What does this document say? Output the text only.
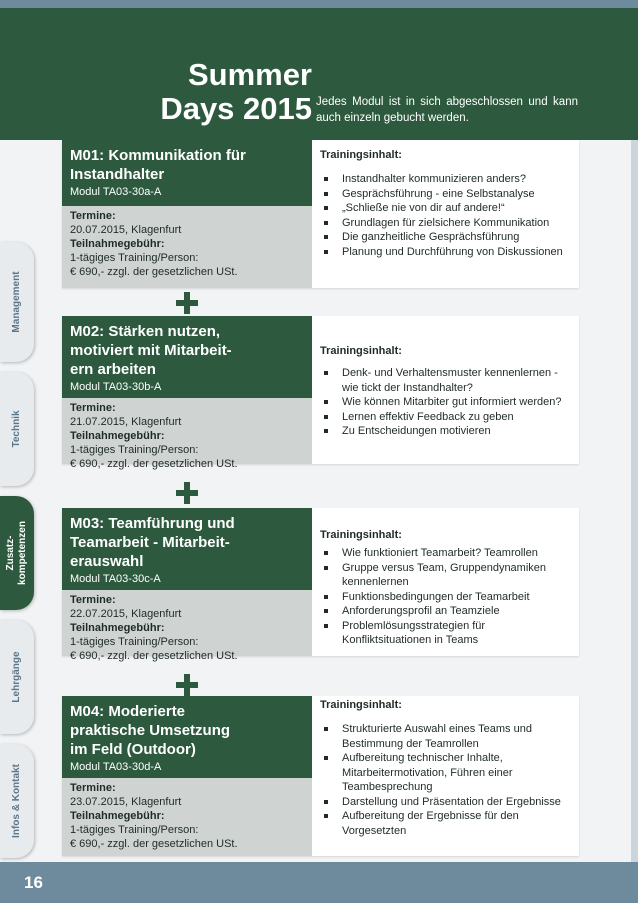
Summer
Days 2015 Jedes Modul ist in sich abgeschlossen und kann auch einzeln gebucht werden.
Management
Technik
Zusatz-
kompetenzen
Lehrgänge
Infos & Kontakt
M01: Kommunikation für
Instandhalter
Modul TA03-30a-A
Termine:
20.07.2015, Klagenfurt
Teilnahmegebühr:
1-tägiges Training/Person:
€ 690,- zzgl. der gesetzlichen USt.
Trainingsinhalt:
Instandhalter kommunizieren anders?
Gesprächsführung - eine Selbstanalyse
„Schließe nie von dir auf andere!“
Grundlagen für zielsichere Kommunikation
Die ganzheitliche Gesprächsführung
Planung und Durchführung von Diskussionen
M02: Stärken nutzen,
motiviert mit Mitarbeit-
ern arbeiten
Modul TA03-30b-A
Termine:
21.07.2015, Klagenfurt
Teilnahmegebühr:
1-tägiges Training/Person:
€ 690,- zzgl. der gesetzlichen USt.
Trainingsinhalt:
Denk- und Verhaltensmuster kennenlernen - wie tickt der Instandhalter?
Wie können Mitarbiter gut informiert werden?
Lernen effektiv Feedback zu geben
Zu Entscheidungen motivieren
M03: Teamführung und
Teamarbeit - Mitarbeit-
erauswahl
Modul TA03-30c-A
Termine:
22.07.2015, Klagenfurt
Teilnahmegebühr:
1-tägiges Training/Person:
€ 690,- zzgl. der gesetzlichen USt.
Trainingsinhalt:
Wie funktioniert Teamarbeit? Teamrollen
Gruppe versus Team, Gruppendynamiken kennenlernen
Funktionsbedingungen der Teamarbeit
Anforderungsprofil an Teamziele
Problemlösungsstrategien für Konfliktsituationen in Teams
M04: Moderierte
praktische Umsetzung
im Feld (Outdoor)
Modul TA03-30d-A
Termine:
23.07.2015, Klagenfurt
Teilnahmegebühr:
1-tägiges Training/Person:
€ 690,- zzgl. der gesetzlichen USt.
Trainingsinhalt:
Strukturierte Auswahl eines Teams und Bestimmung der Teamrollen
Aufbereitung technischer Inhalte, Mitarbeitermotivation, Führen einer Teambesprechung
Darstellung und Präsentation der Ergebnisse
Aufbereitung der Ergebnisse für den Vorgesetzten
16
